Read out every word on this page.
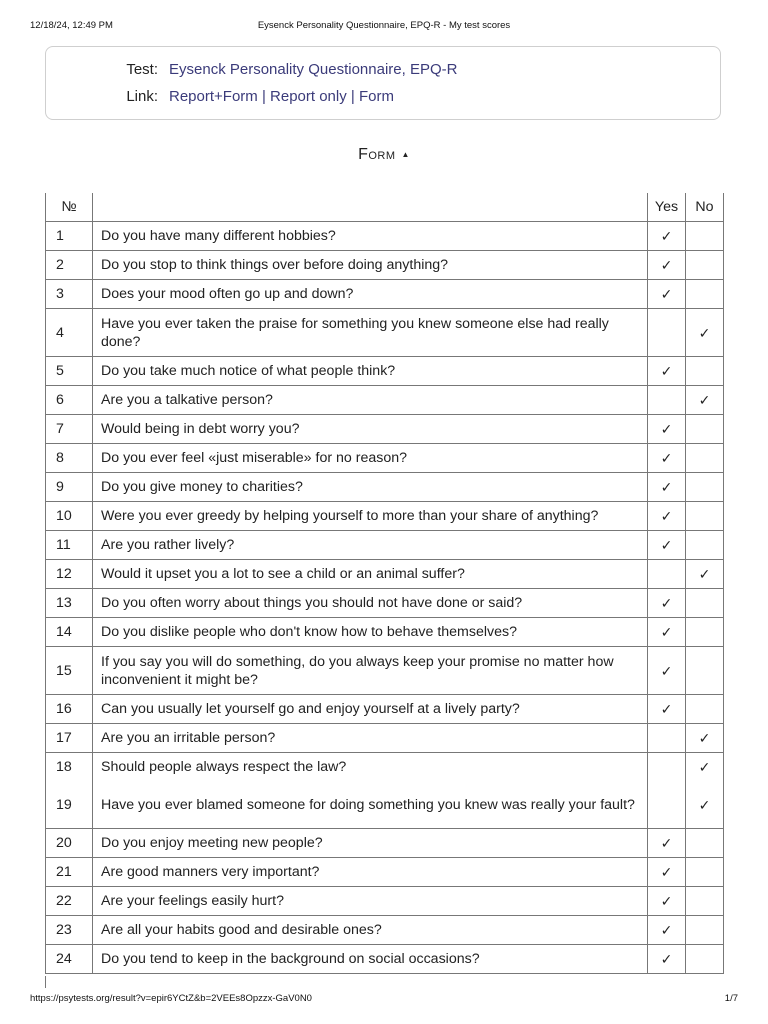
12/18/24, 12:49 PM	Eysenck Personality Questionnaire, EPQ-R - My test scores
Test: Eysenck Personality Questionnaire, EPQ-R
Link: Report+Form | Report only | Form
Form ▲
№		Yes	No
1	Do you have many different hobbies?	✓	
2	Do you stop to think things over before doing anything?	✓	
3	Does your mood often go up and down?	✓	
4	Have you ever taken the praise for something you knew someone else had really done?		✓
5	Do you take much notice of what people think?	✓	
6	Are you a talkative person?		✓
7	Would being in debt worry you?	✓	
8	Do you ever feel «just miserable» for no reason?	✓	
9	Do you give money to charities?	✓	
10	Were you ever greedy by helping yourself to more than your share of anything?	✓	
11	Are you rather lively?	✓	
12	Would it upset you a lot to see a child or an animal suffer?		✓
13	Do you often worry about things you should not have done or said?	✓	
14	Do you dislike people who don't know how to behave themselves?	✓	
15	If you say you will do something, do you always keep your promise no matter how inconvenient it might be?	✓	
16	Can you usually let yourself go and enjoy yourself at a lively party?	✓	
17	Are you an irritable person?		✓
18	Should people always respect the law?		✓
19	Have you ever blamed someone for doing something you knew was really your fault?		✓
20	Do you enjoy meeting new people?	✓	
21	Are good manners very important?	✓	
22	Are your feelings easily hurt?	✓	
23	Are all your habits good and desirable ones?	✓	
24	Do you tend to keep in the background on social occasions?	✓	
https://psytests.org/result?v=epir6YCtZ&b=2VEEs8Opzzx-GaV0N0	1/7
